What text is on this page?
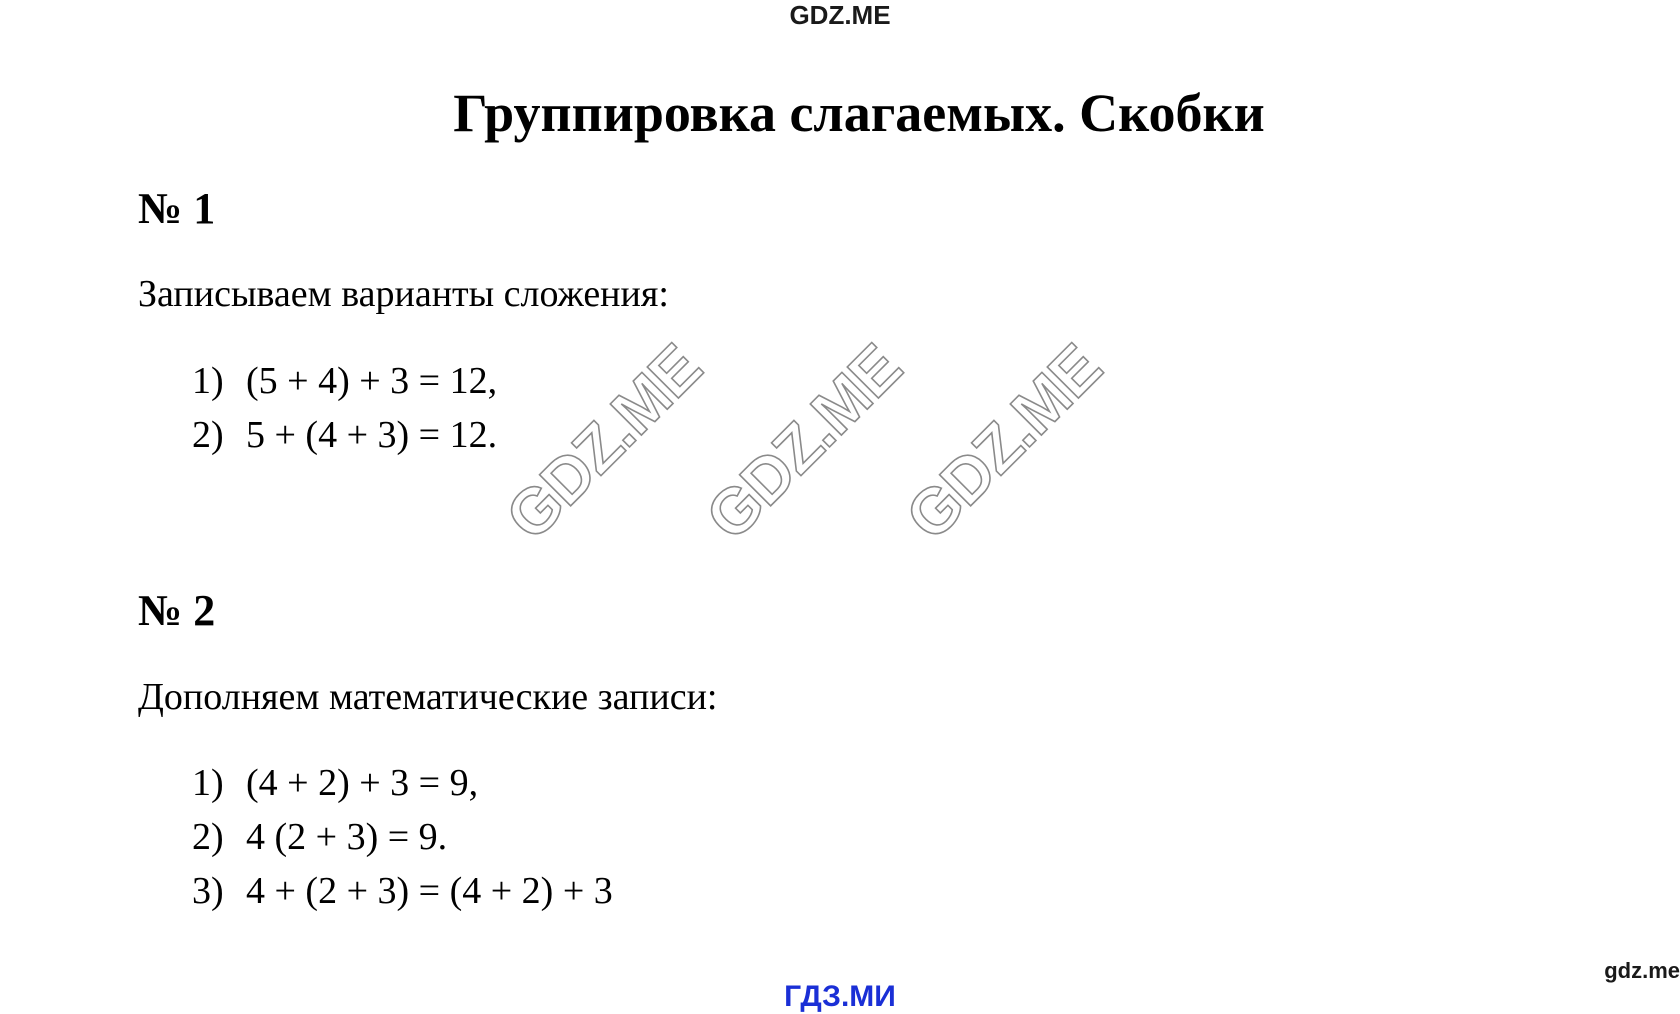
GDZ.ME
Группировка слагаемых. Скобки
№ 1
Записываем варианты сложения:
1) (5 + 4) + 3 = 12,
2) 5 + (4 + 3) = 12.
GDZ.ME
GDZ.ME
GDZ.ME
№ 2
Дополняем математические записи:
1) (4 + 2) + 3 = 9,
2) 4 (2 + 3) = 9.
3) 4 + (2 + 3) = (4 + 2) + 3
gdz.me
ГДЗ.МИ
